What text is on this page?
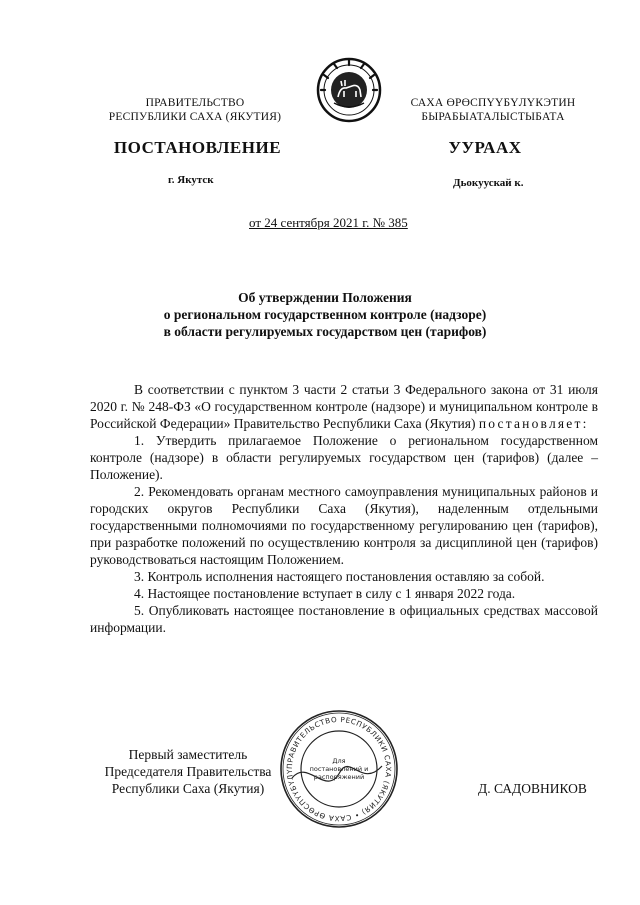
ПРАВИТЕЛЬСТВО
РЕСПУБЛИКИ САХА (ЯКУТИЯ)
САХА ӨРӨСПҮҮБҮЛҮКЭТИН
БЫРАБЫАТАЛЫСТЫБАТА
ПОСТАНОВЛЕНИЕ	УУРААХ
г. Якутск	Дьокуускай к.
от 24 сентября 2021 г. № 385
Об утверждении Положения
о региональном государственном контроле (надзоре)
в области регулируемых государством цен (тарифов)

В соответствии с пунктом 3 части 2 статьи 3 Федерального закона от 31 июля 2020 г. № 248-ФЗ «О государственном контроле (надзоре) и муниципальном контроле в Российской Федерации» Правительство Республики Саха (Якутия) постановляет:

1. Утвердить прилагаемое Положение о региональном государственном контроле (надзоре) в области регулируемых государством цен (тарифов) (далее – Положение).

2. Рекомендовать органам местного самоуправления муниципальных районов и городских округов Республики Саха (Якутия), наделенным отдельными государственными полномочиями по государственному регулированию цен (тарифов), при разработке положений по осуществлению контроля за дисциплиной цен (тарифов) руководствоваться настоящим Положением.

3. Контроль исполнения настоящего постановления оставляю за собой.

4. Настоящее постановление вступает в силу с 1 января 2022 года.

5. Опубликовать настоящее постановление в официальных средствах массовой информации.

Первый заместитель
Председателя Правительства
Республики Саха (Якутия)
ПРАВИТЕЛЬСТВО РЕСПУБЛИКИ САХА (ЯКУТИЯ) • САХА ӨРӨСПҮҮБҮЛҮ
Для
постановлений и
распоряжений
Д. САДОВНИКОВ
